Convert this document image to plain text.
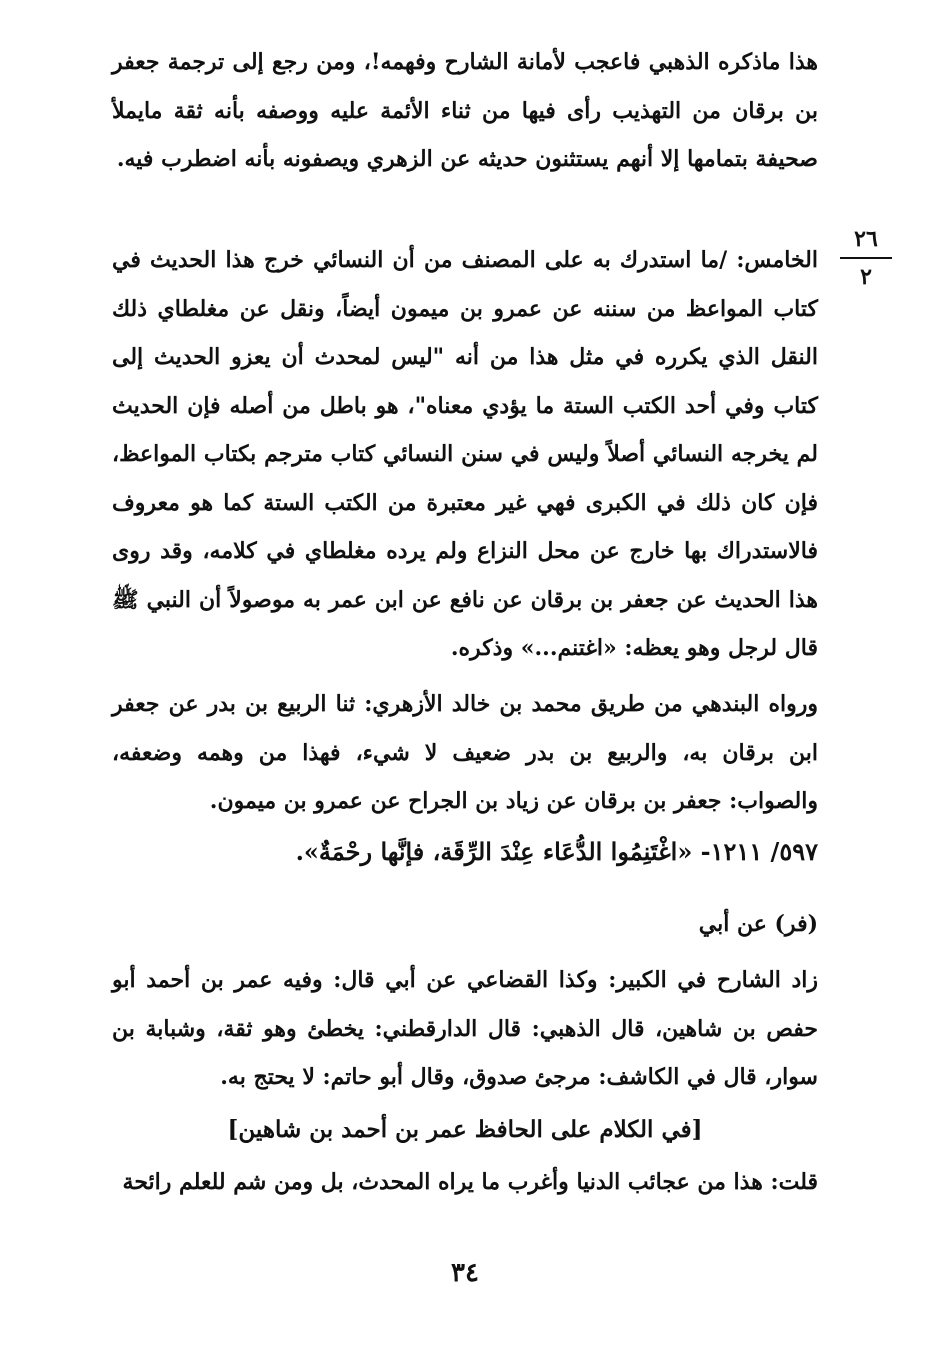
٢٦
٢

هذا ماذكره الذهبي فاعجب لأمانة الشارح وفهمه!، ومن رجع إلى ترجمة جعفر بن برقان من التهذيب رأى فيها من ثناء الأئمة عليه ووصفه بأنه ثقة مايملأ صحيفة بتمامها إلا أنهم يستثنون حديثه عن الزهري ويصفونه بأنه اضطرب فيه.

الخامس: /ما استدرك به على المصنف من أن النسائي خرج هذا الحديث في كتاب المواعظ من سننه عن عمرو بن ميمون أيضاً، ونقل عن مغلطاي ذلك النقل الذي يكرره في مثل هذا من أنه "ليس لمحدث أن يعزو الحديث إلى كتاب وفي أحد الكتب الستة ما يؤدي معناه"، هو باطل من أصله فإن الحديث لم يخرجه النسائي أصلاً وليس في سنن النسائي كتاب مترجم بكتاب المواعظ، فإن كان ذلك في الكبرى فهي غير معتبرة من الكتب الستة كما هو معروف فالاستدراك بها خارج عن محل النزاع ولم يرده مغلطاي في كلامه، وقد روى هذا الحديث عن جعفر بن برقان عن نافع عن ابن عمر به موصولاً أن النبي ﷺ قال لرجل وهو يعظه: «اغتنم...» وذكره.

ورواه البندهي من طريق محمد بن خالد الأزهري: ثنا الربيع بن بدر عن جعفر ابن برقان به، والربيع بن بدر ضعيف لا شيء، فهذا من وهمه وضعفه، والصواب: جعفر بن برقان عن زياد بن الجراح عن عمرو بن ميمون.

٥٩٧/ ١٢١١- «اغْتَنِمُوا الدُّعَاء عِنْدَ الرِّقَة، فإنَّها رحْمَةٌ».

(فر) عن أبي

زاد الشارح في الكبير: وكذا القضاعي عن أبي قال: وفيه عمر بن أحمد أبو حفص بن شاهين، قال الذهبي: قال الدارقطني: يخطئ وهو ثقة، وشبابة بن سوار، قال في الكاشف: مرجئ صدوق، وقال أبو حاتم: لا يحتج به.

[في الكلام على الحافظ عمر بن أحمد بن شاهين]

قلت: هذا من عجائب الدنيا وأغرب ما يراه المحدث، بل ومن شم للعلم رائحة

٣٤
